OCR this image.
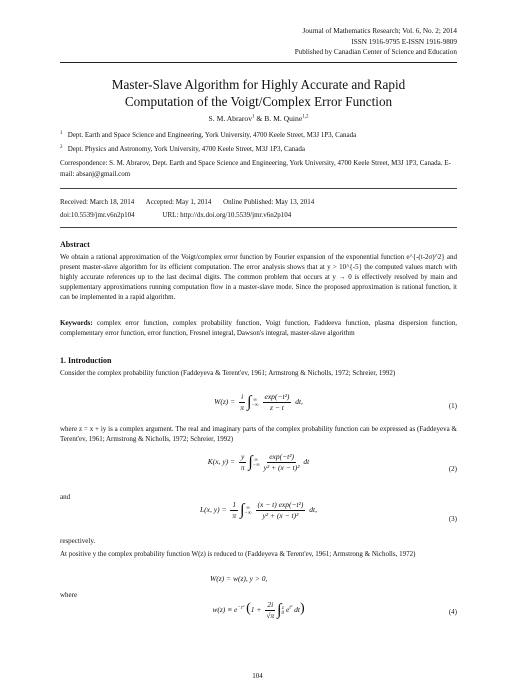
Journal of Mathematics Research; Vol. 6, No. 2; 2014
ISSN 1916-9795 E-ISSN 1916-9809
Published by Canadian Center of Science and Education
Master-Slave Algorithm for Highly Accurate and Rapid
Computation of the Voigt/Complex Error Function
S. M. Abrarov$^1$ & B. M. Quine$^{1,2}$
$^1$ Dept. Earth and Space Science and Engineering, York University, 4700 Keele Street, M3J 1P3, Canada
$^2$ Dept. Physics and Astronomy, York University, 4700 Keele Street, M3J 1P3, Canada
Correspondence: S. M. Abrarov, Dept. Earth and Space Science and Engineering, York University, 4700 Keele Street, M3J 1P3, Canada. E-mail: absanj@gmail.com
Received: March 18, 2014 Accepted: May 1, 2014 Online Published: May 13, 2014
doi:10.5539/jmr.v6n2p104	URL: http://dx.doi.org/10.5539/jmr.v6n2p104
Abstract
We obtain a rational approximation of the Voigt/complex error function by Fourier expansion of the exponential function e^{-(t-2σ)^2} and present master-slave algorithm for its efficient computation. The error analysis shows that at y > 10^{-5} the computed values match with highly accurate references up to the last decimal digits. The common problem that occurs at y → 0 is effectively resolved by main and supplementary approximations running computation flow in a master-slave mode. Since the proposed approximation is rational function, it can be implemented in a rapid algorithm.
Keywords: complex error function, complex probability function, Voigt function, Faddeeva function, plasma dispersion function, complementary error function, error function, Fresnel integral, Dawson's integral, master-slave algorithm
1. Introduction
Consider the complex probability function (Faddeyeva & Terent'ev, 1961; Armstrong & Nicholls, 1972; Schreier, 1992)
$W(z) = \frac{i}{\pi}$ ∫ ∞
−∞ $\frac{\text{exp(−t²)}}{z - t}$ dt,	(1)
where z = x + iy is a complex argument. The real and imaginary parts of the complex probability function can be expressed as (Faddeyeva & Terent'ev, 1961; Armstrong & Nicholls, 1972; Schreier, 1992)
K(x, $y) = \frac{y}{\pi}$ ∫ ∞
−∞ $\frac{\text{exp(−t²)}}{\text{y² + (x − t)²}}$ dt
(2)
and
L(x, $y) = \frac{1}{\pi}$ ∫ ∞
−∞ $\frac{\text{(x − t) exp(−t²)}}{\text{y² + (x − t)²}}$ dt,
(3)
respectively.
At positive y the complex probability function W(z) is reduced to (Faddeyeva & Terent'ev, 1961; Armstrong & Nicholls, 1972)
W(z) = w(z), y > 0,
where
$w(z) \equiv e^{-z^2}$ ($1 + \frac{2i}{√\pi}$ ∫ z
0 $e^{t^2}$ dt)	(4)
104
